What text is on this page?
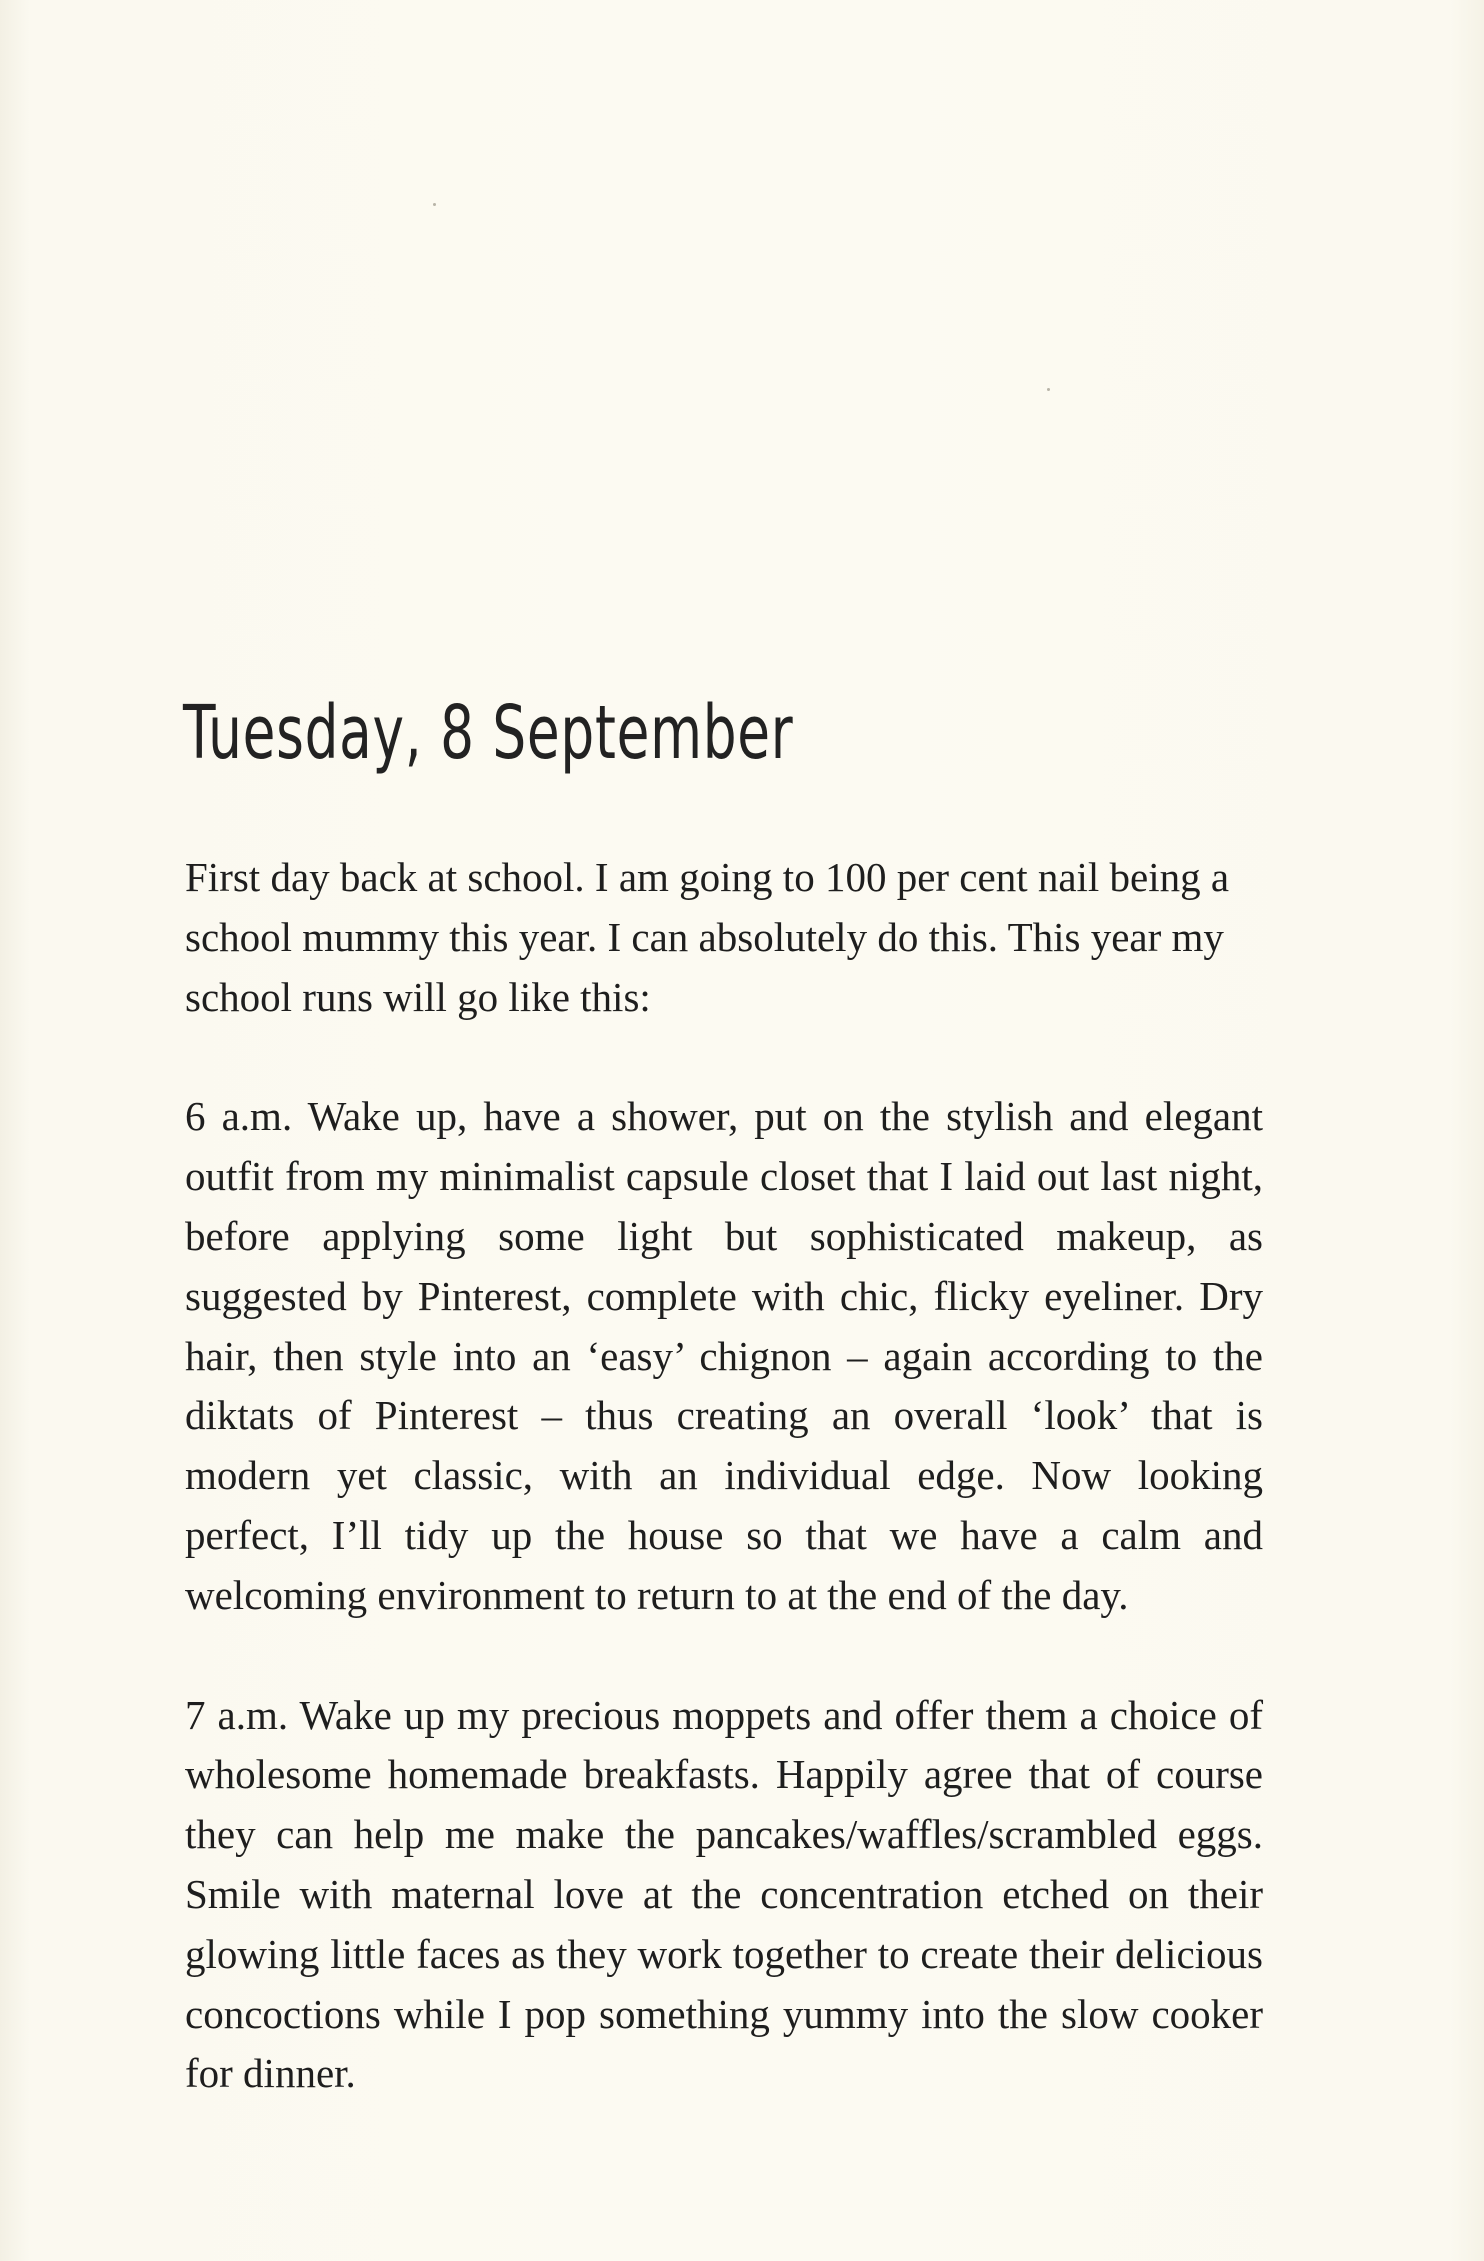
Tuesday, 8 September

First day back at school. I am going to 100 per cent nail being a school mummy this year. I can absolutely do this. This year my school runs will go like this:

6 a.m. Wake up, have a shower, put on the stylish and elegant outfit from my minimalist capsule closet that I laid out last night, before applying some light but sophisticated makeup, as suggested by Pinterest, complete with chic, flicky eyeliner. Dry hair, then style into an ‘easy’ chignon – again according to the diktats of Pinterest – thus creating an overall ‘look’ that is modern yet classic, with an individual edge. Now looking perfect, I’ll tidy up the house so that we have a calm and welcoming environment to return to at the end of the day.

7 a.m. Wake up my precious moppets and offer them a choice of wholesome homemade breakfasts. Happily agree that of course they can help me make the pancakes/waffles/scrambled eggs. Smile with maternal love at the concentration etched on their glowing little faces as they work together to create their delicious concoctions while I pop something yummy into the slow cooker for dinner.
